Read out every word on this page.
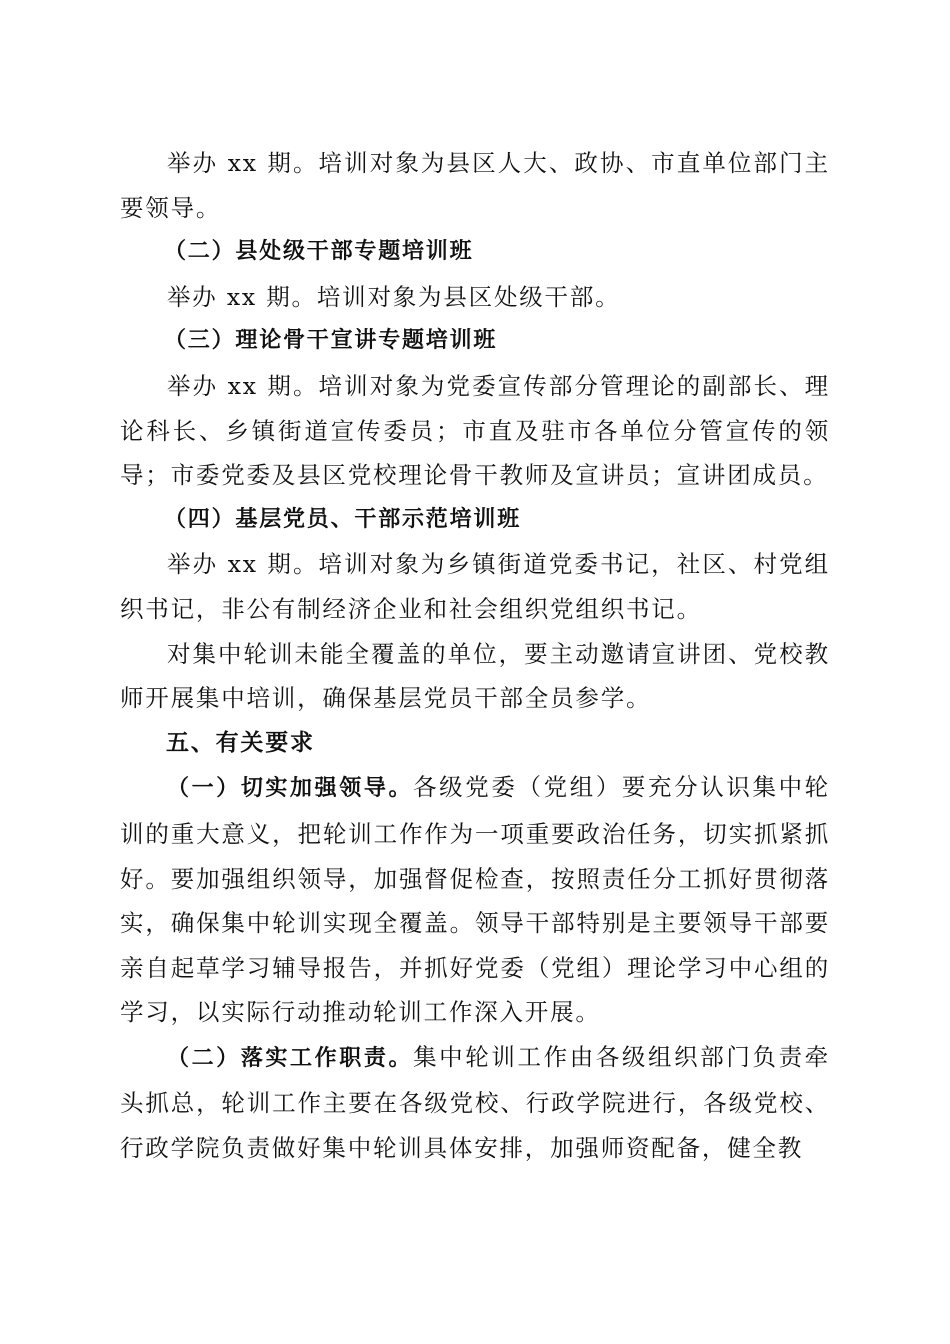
举办 xx 期。培训对象为县区人大、政协、市直单位部门主要领导。

（二）县处级干部专题培训班

举办 xx 期。培训对象为县区处级干部。

（三）理论骨干宣讲专题培训班

举办 xx 期。培训对象为党委宣传部分管理论的副部长、理论科长、乡镇街道宣传委员；市直及驻市各单位分管宣传的领导；市委党委及县区党校理论骨干教师及宣讲员；宣讲团成员。

（四）基层党员、干部示范培训班

举办 xx 期。培训对象为乡镇街道党委书记，社区、村党组织书记，非公有制经济企业和社会组织党组织书记。

对集中轮训未能全覆盖的单位，要主动邀请宣讲团、党校教师开展集中培训，确保基层党员干部全员参学。

五、有关要求

（一）切实加强领导。各级党委（党组）要充分认识集中轮训的重大意义，把轮训工作作为一项重要政治任务，切实抓紧抓好。要加强组织领导，加强督促检查，按照责任分工抓好贯彻落实，确保集中轮训实现全覆盖。领导干部特别是主要领导干部要亲自起草学习辅导报告，并抓好党委（党组）理论学习中心组的学习，以实际行动推动轮训工作深入开展。

（二）落实工作职责。集中轮训工作由各级组织部门负责牵头抓总，轮训工作主要在各级党校、行政学院进行，各级党校、行政学院负责做好集中轮训具体安排，加强师资配备，健全教
